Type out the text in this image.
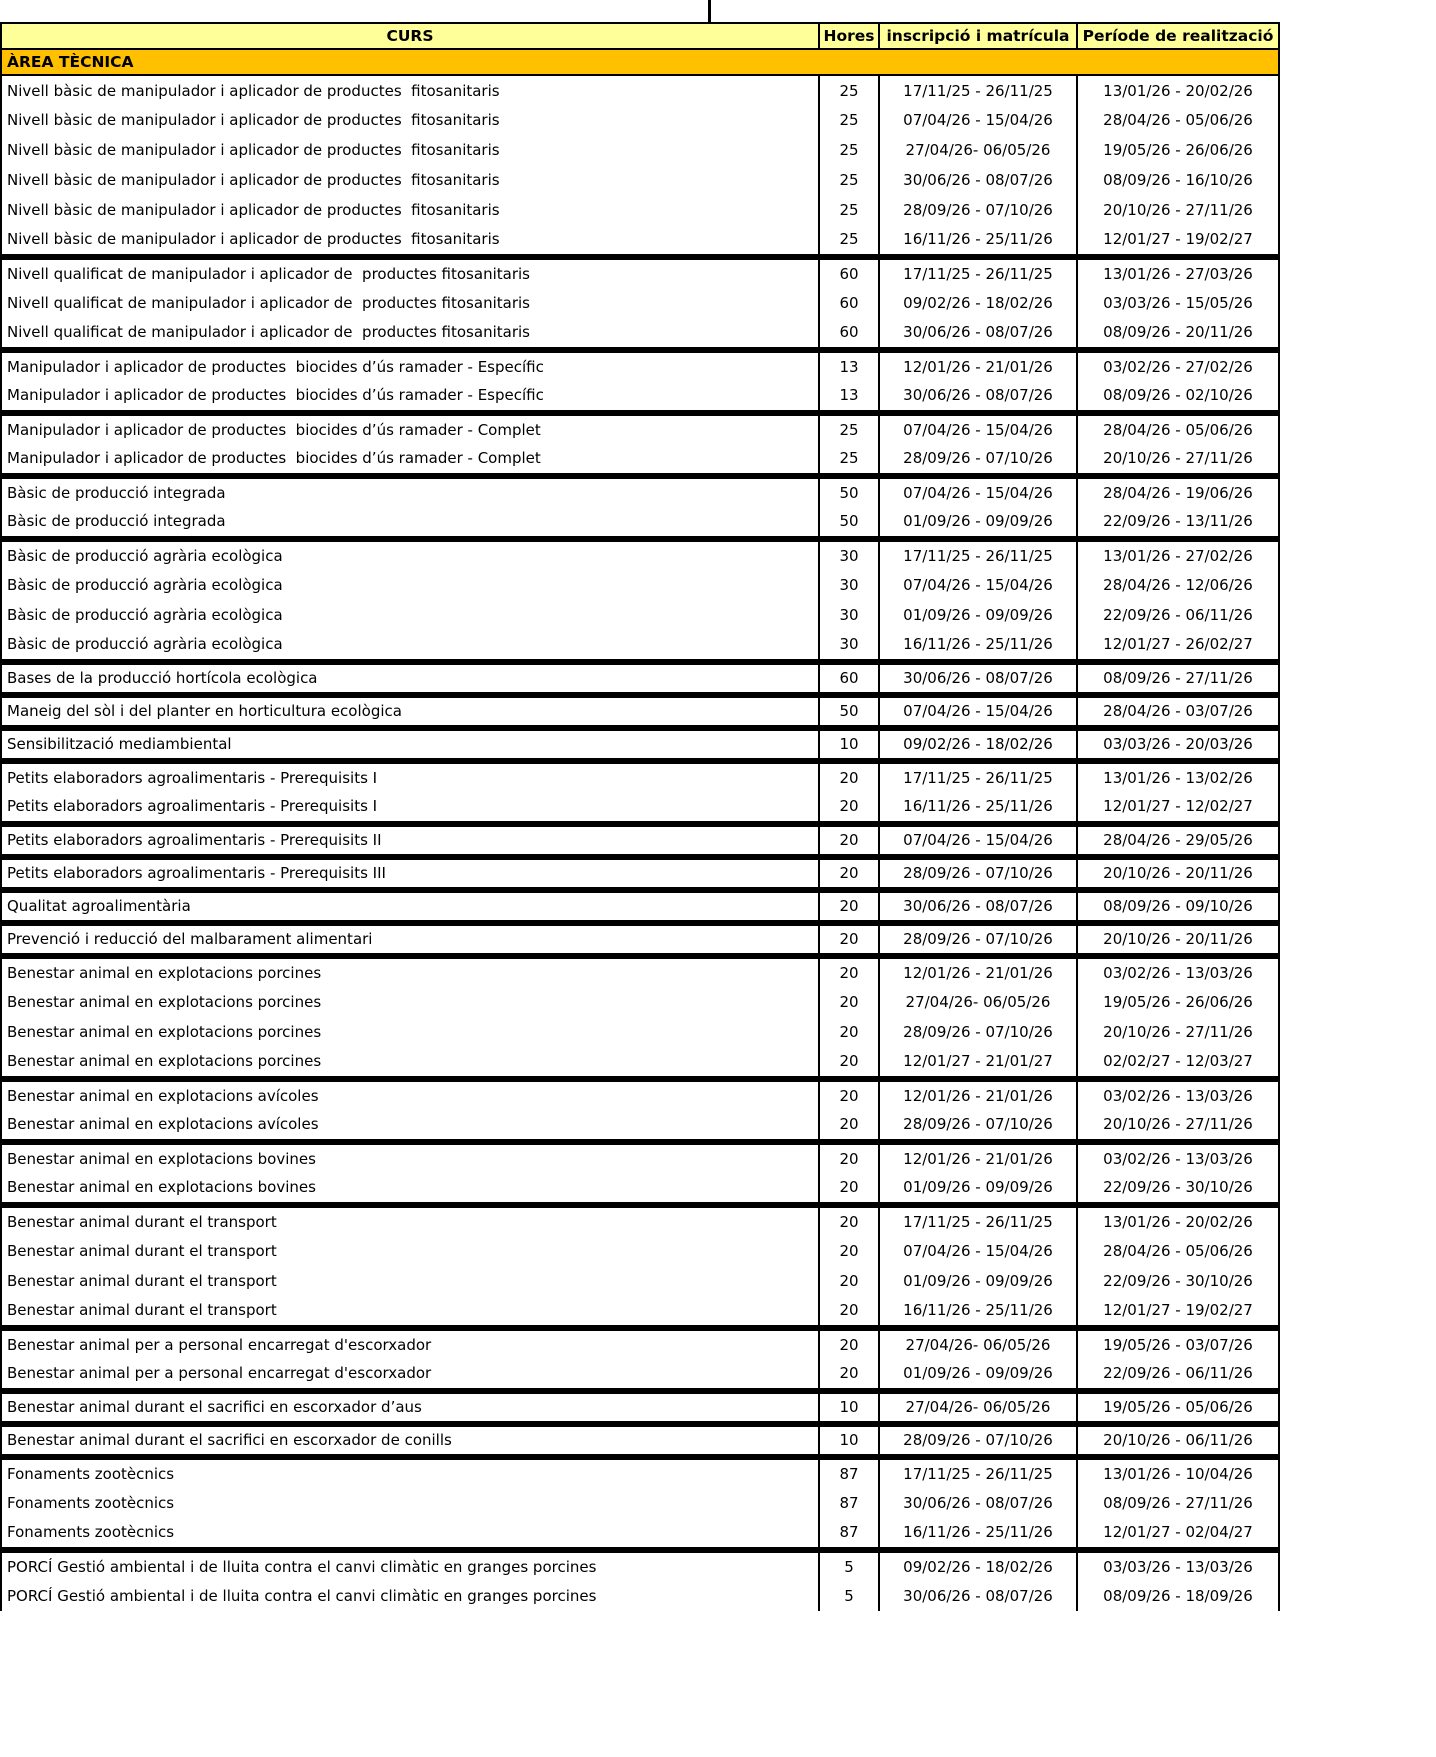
CURS	Hores	inscripció i matrícula	Període de realització
ÀREA TÈCNICA			
Nivell bàsic de manipulador i aplicador de productes  fitosanitaris	25	17/11/25 - 26/11/25	13/01/26 - 20/02/26
Nivell bàsic de manipulador i aplicador de productes  fitosanitaris	25	07/04/26 - 15/04/26	28/04/26 - 05/06/26
Nivell bàsic de manipulador i aplicador de productes  fitosanitaris	25	27/04/26- 06/05/26	19/05/26 - 26/06/26
Nivell bàsic de manipulador i aplicador de productes  fitosanitaris	25	30/06/26 - 08/07/26	08/09/26 - 16/10/26
Nivell bàsic de manipulador i aplicador de productes  fitosanitaris	25	28/09/26 - 07/10/26	20/10/26 - 27/11/26
Nivell bàsic de manipulador i aplicador de productes  fitosanitaris	25	16/11/26 - 25/11/26	12/01/27 - 19/02/27

Nivell qualificat de manipulador i aplicador de  productes fitosanitaris	60	17/11/25 - 26/11/25	13/01/26 - 27/03/26
Nivell qualificat de manipulador i aplicador de  productes fitosanitaris	60	09/02/26 - 18/02/26	03/03/26 - 15/05/26
Nivell qualificat de manipulador i aplicador de  productes fitosanitaris	60	30/06/26 - 08/07/26	08/09/26 - 20/11/26

Manipulador i aplicador de productes  biocides d’ús ramader - Específic	13	12/01/26 - 21/01/26	03/02/26 - 27/02/26
Manipulador i aplicador de productes  biocides d’ús ramader - Específic	13	30/06/26 - 08/07/26	08/09/26 - 02/10/26

Manipulador i aplicador de productes  biocides d’ús ramader - Complet	25	07/04/26 - 15/04/26	28/04/26 - 05/06/26
Manipulador i aplicador de productes  biocides d’ús ramader - Complet	25	28/09/26 - 07/10/26	20/10/26 - 27/11/26

Bàsic de producció integrada	50	07/04/26 - 15/04/26	28/04/26 - 19/06/26
Bàsic de producció integrada	50	01/09/26 - 09/09/26	22/09/26 - 13/11/26

Bàsic de producció agrària ecològica	30	17/11/25 - 26/11/25	13/01/26 - 27/02/26
Bàsic de producció agrària ecològica	30	07/04/26 - 15/04/26	28/04/26 - 12/06/26
Bàsic de producció agrària ecològica	30	01/09/26 - 09/09/26	22/09/26 - 06/11/26
Bàsic de producció agrària ecològica	30	16/11/26 - 25/11/26	12/01/27 - 26/02/27

Bases de la producció hortícola ecològica	60	30/06/26 - 08/07/26	08/09/26 - 27/11/26

Maneig del sòl i del planter en horticultura ecològica	50	07/04/26 - 15/04/26	28/04/26 - 03/07/26

Sensibilització mediambiental	10	09/02/26 - 18/02/26	03/03/26 - 20/03/26

Petits elaboradors agroalimentaris - Prerequisits I	20	17/11/25 - 26/11/25	13/01/26 - 13/02/26
Petits elaboradors agroalimentaris - Prerequisits I	20	16/11/26 - 25/11/26	12/01/27 - 12/02/27

Petits elaboradors agroalimentaris - Prerequisits II	20	07/04/26 - 15/04/26	28/04/26 - 29/05/26

Petits elaboradors agroalimentaris - Prerequisits III	20	28/09/26 - 07/10/26	20/10/26 - 20/11/26

Qualitat agroalimentària	20	30/06/26 - 08/07/26	08/09/26 - 09/10/26

Prevenció i reducció del malbarament alimentari	20	28/09/26 - 07/10/26	20/10/26 - 20/11/26

Benestar animal en explotacions porcines	20	12/01/26 - 21/01/26	03/02/26 - 13/03/26
Benestar animal en explotacions porcines	20	27/04/26- 06/05/26	19/05/26 - 26/06/26
Benestar animal en explotacions porcines	20	28/09/26 - 07/10/26	20/10/26 - 27/11/26
Benestar animal en explotacions porcines	20	12/01/27 - 21/01/27	02/02/27 - 12/03/27

Benestar animal en explotacions avícoles	20	12/01/26 - 21/01/26	03/02/26 - 13/03/26
Benestar animal en explotacions avícoles	20	28/09/26 - 07/10/26	20/10/26 - 27/11/26

Benestar animal en explotacions bovines	20	12/01/26 - 21/01/26	03/02/26 - 13/03/26
Benestar animal en explotacions bovines	20	01/09/26 - 09/09/26	22/09/26 - 30/10/26

Benestar animal durant el transport	20	17/11/25 - 26/11/25	13/01/26 - 20/02/26
Benestar animal durant el transport	20	07/04/26 - 15/04/26	28/04/26 - 05/06/26
Benestar animal durant el transport	20	01/09/26 - 09/09/26	22/09/26 - 30/10/26
Benestar animal durant el transport	20	16/11/26 - 25/11/26	12/01/27 - 19/02/27

Benestar animal per a personal encarregat d'escorxador	20	27/04/26- 06/05/26	19/05/26 - 03/07/26
Benestar animal per a personal encarregat d'escorxador	20	01/09/26 - 09/09/26	22/09/26 - 06/11/26

Benestar animal durant el sacrifici en escorxador d’aus	10	27/04/26- 06/05/26	19/05/26 - 05/06/26

Benestar animal durant el sacrifici en escorxador de conills	10	28/09/26 - 07/10/26	20/10/26 - 06/11/26

Fonaments zootècnics	87	17/11/25 - 26/11/25	13/01/26 - 10/04/26
Fonaments zootècnics	87	30/06/26 - 08/07/26	08/09/26 - 27/11/26
Fonaments zootècnics	87	16/11/26 - 25/11/26	12/01/27 - 02/04/27

PORCÍ Gestió ambiental i de lluita contra el canvi climàtic en granges porcines	5	09/02/26 - 18/02/26	03/03/26 - 13/03/26
PORCÍ Gestió ambiental i de lluita contra el canvi climàtic en granges porcines	5	30/06/26 - 08/07/26	08/09/26 - 18/09/26
